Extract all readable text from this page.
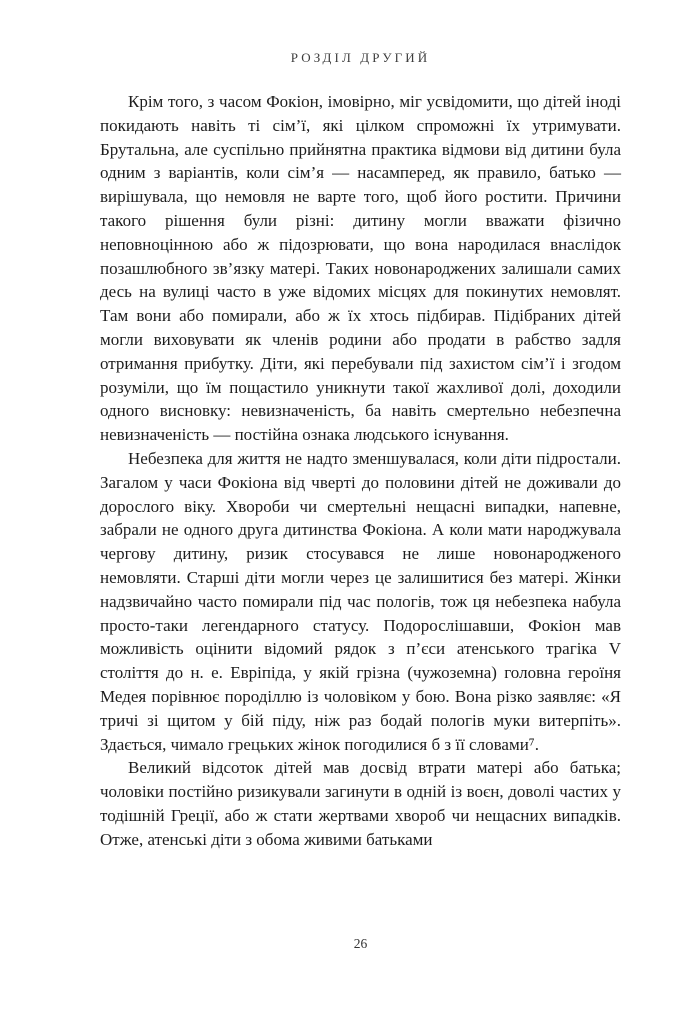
РОЗДІЛ ДРУГИЙ

Крім того, з часом Фокіон, імовірно, міг усвідомити, що дітей іноді покидають навіть ті сім’ї, які цілком спроможні їх утримувати. Брутальна, але суспільно прийнятна практика відмови від дитини була одним з варіантів, коли сім’я — насамперед, як правило, батько — вирішувала, що немовля не варте того, щоб його ростити. Причини такого рішення були різні: дитину могли вважати фізично неповноцінною або ж підозрювати, що вона народилася внаслідок позашлюбного зв’язку матері. Таких новонароджених залишали самих десь на вулиці часто в уже відомих місцях для покинутих немовлят. Там вони або помирали, або ж їх хтось підбирав. Підібраних дітей могли виховувати як членів родини або продати в рабство задля отримання прибутку. Діти, які перебували під захистом сім’ї і згодом розуміли, що їм пощастило уникнути такої жахливої долі, доходили одного висновку: невизначеність, ба навіть смертельно небезпечна невизначеність — постійна ознака людського існування.

Небезпека для життя не надто зменшувалася, коли діти підростали. Загалом у часи Фокіона від чверті до половини дітей не доживали до дорослого віку. Хвороби чи смертельні нещасні випадки, напевне, забрали не одного друга дитинства Фокіона. А коли мати народжувала чергову дитину, ризик стосувався не лише новонародженого немовляти. Старші діти могли через це залишитися без матері. Жінки надзвичайно часто помирали під час пологів, тож ця небезпека набула просто-таки легендарного статусу. Подорослішавши, Фокіон мав можливість оцінити відомий рядок з п’єси атенського трагіка V століття до н. е. Евріпіда, у якій грізна (чужоземна) головна героїня Медея порівнює породіллю із чоловіком у бою. Вона різко заявляє: «Я тричі зі щитом у бій піду, ніж раз бодай пологів муки витерпіть». Здається, чимало грецьких жінок погодилися б з її словами⁷.

Великий відсоток дітей мав досвід втрати матері або батька; чоловіки постійно ризикували загинути в одній із воєн, доволі частих у тодішній Греції, або ж стати жертвами хвороб чи нещасних випадків. Отже, атенські діти з обома живими батьками

26
